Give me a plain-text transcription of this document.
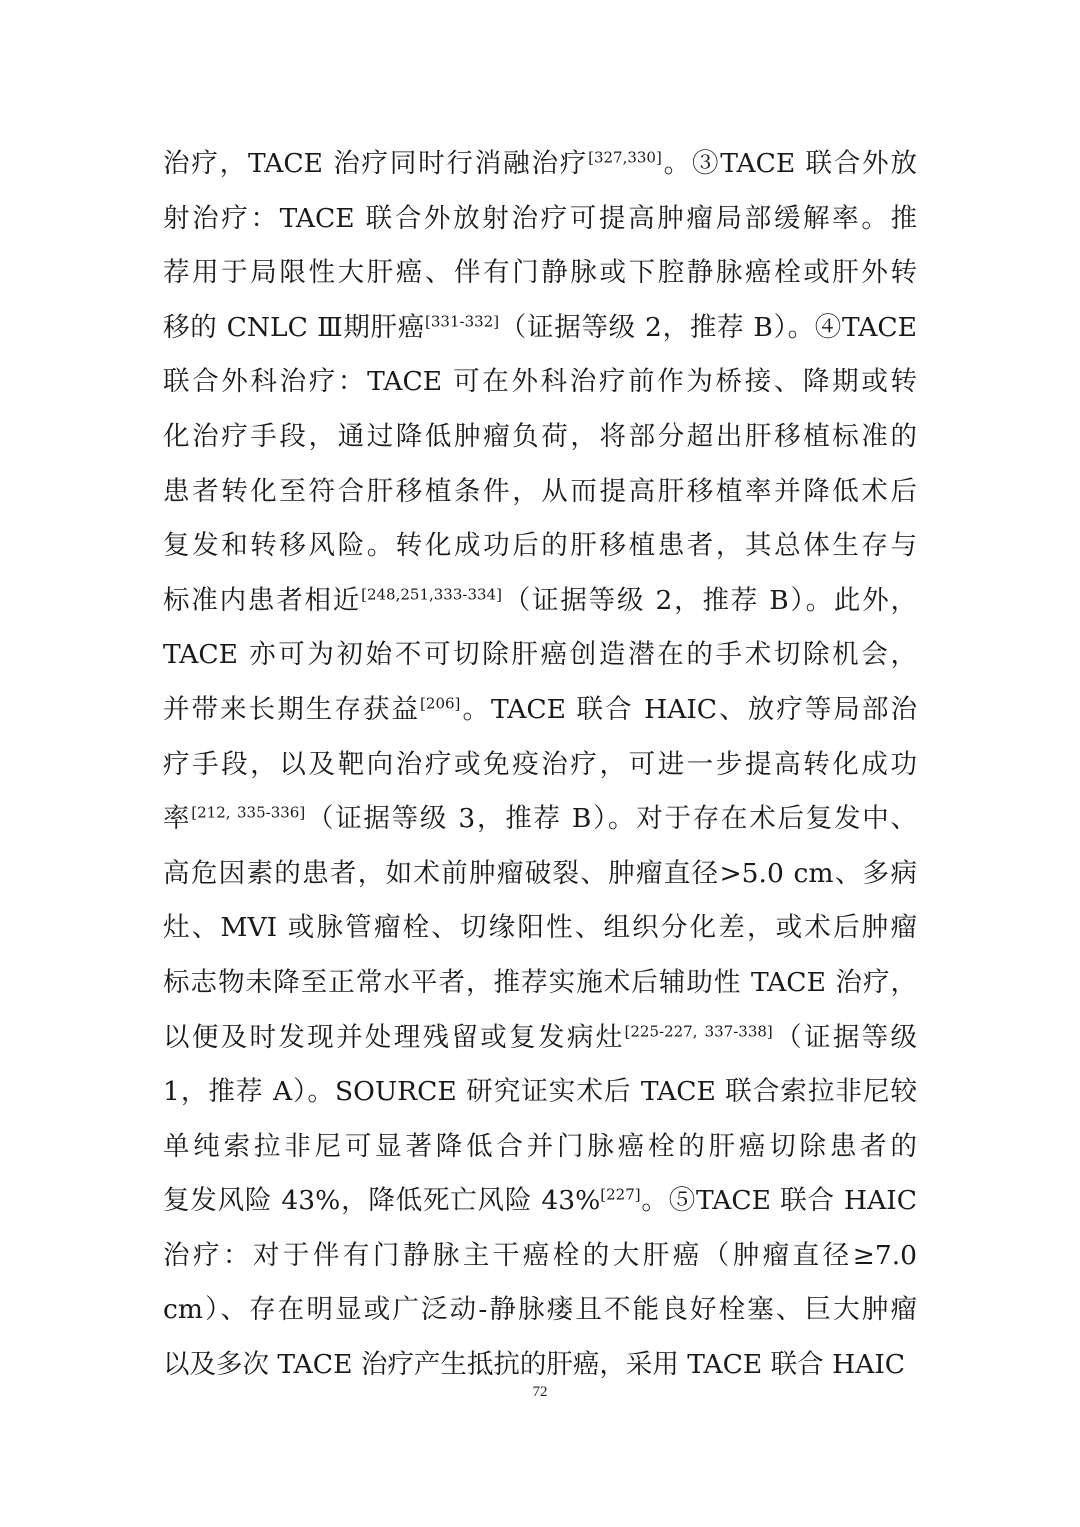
治疗，TACE 治疗同时行消融治疗[327,330]。③TACE 联合外放
射治疗：TACE 联合外放射治疗可提高肿瘤局部缓解率。推
荐用于局限性大肝癌、伴有门静脉或下腔静脉癌栓或肝外转
移的 CNLC Ⅲ期肝癌[331-332]（证据等级 2，推荐 B）。④TACE
联合外科治疗：TACE 可在外科治疗前作为桥接、降期或转
化治疗手段，通过降低肿瘤负荷，将部分超出肝移植标准的
患者转化至符合肝移植条件，从而提高肝移植率并降低术后
复发和转移风险。转化成功后的肝移植患者，其总体生存与
标准内患者相近[248,251,333-334]（证据等级 2，推荐 B）。此外，
TACE 亦可为初始不可切除肝癌创造潜在的手术切除机会，
并带来长期生存获益[206]。TACE 联合 HAIC、放疗等局部治
疗手段，以及靶向治疗或免疫治疗，可进一步提高转化成功
率[212, 335-336]（证据等级 3，推荐 B）。对于存在术后复发中、
高危因素的患者，如术前肿瘤破裂、肿瘤直径>5.0 cm、多病
灶、MVI 或脉管瘤栓、切缘阳性、组织分化差，或术后肿瘤
标志物未降至正常水平者，推荐实施术后辅助性 TACE 治疗，
以便及时发现并处理残留或复发病灶[225-227, 337-338]（证据等级
1，推荐 A）。SOURCE 研究证实术后 TACE 联合索拉非尼较
单纯索拉非尼可显著降低合并门脉癌栓的肝癌切除患者的
复发风险 43%，降低死亡风险 43%[227]。⑤TACE 联合 HAIC
治疗：对于伴有门静脉主干癌栓的大肝癌（肿瘤直径≥7.0
cm）、存在明显或广泛动-静脉瘘且不能良好栓塞、巨大肿瘤
以及多次 TACE 治疗产生抵抗的肝癌，采用 TACE 联合 HAIC
72
